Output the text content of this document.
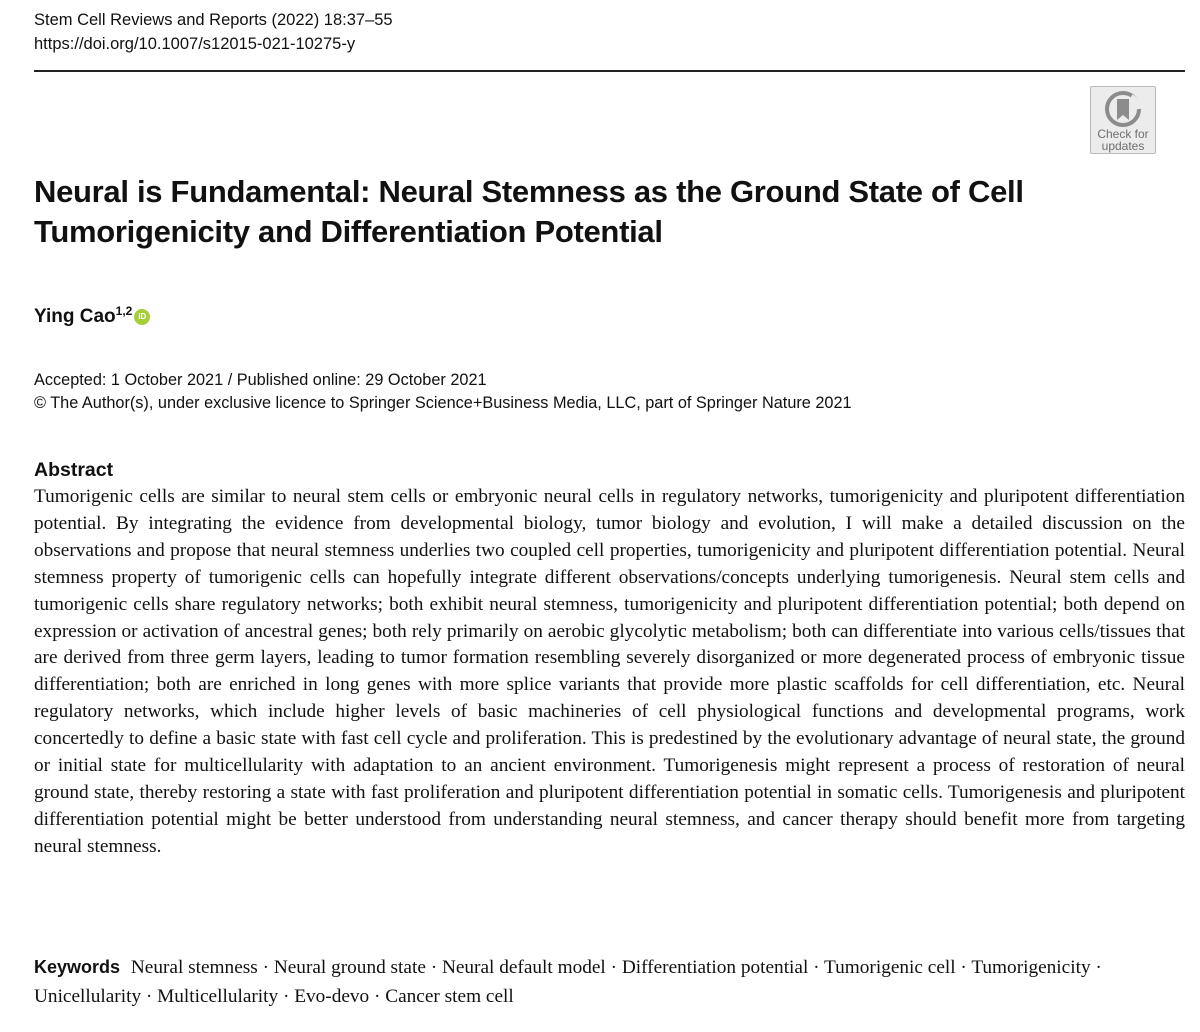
Stem Cell Reviews and Reports (2022) 18:37–55
https://doi.org/10.1007/s12015-021-10275-y
Check for
updates
Neural is Fundamental: Neural Stemness as the Ground State of Cell
Tumorigenicity and Differentiation Potential
Ying Cao$^{1,2}$ iD
Accepted: 1 October 2021 / Published online: 29 October 2021
© The Author(s), under exclusive licence to Springer Science+Business Media, LLC, part of Springer Nature 2021
Abstract

Tumorigenic cells are similar to neural stem cells or embryonic neural cells in regulatory networks, tumorigenicity and pluripotent differentiation potential. By integrating the evidence from developmental biology, tumor biology and evolution, I will make a detailed discussion on the observations and propose that neural stemness underlies two coupled cell properties, tumorigenicity and pluripotent differentiation potential. Neural stemness property of tumorigenic cells can hopefully integrate different observations/concepts underlying tumorigenesis. Neural stem cells and tumorigenic cells share regulatory networks; both exhibit neural stemness, tumorigenicity and pluripotent differentiation potential; both depend on expression or activation of ancestral genes; both rely primarily on aerobic glycolytic metabolism; both can differentiate into various cells/tissues that are derived from three germ layers, leading to tumor formation resembling severely disorganized or more degenerated process of embryonic tissue differentiation; both are enriched in long genes with more splice variants that provide more plastic scaffolds for cell differentiation, etc. Neural regulatory networks, which include higher levels of basic machineries of cell physiological functions and developmental programs, work concertedly to define a basic state with fast cell cycle and proliferation. This is predestined by the evolutionary advantage of neural state, the ground or initial state for multicellularity with adaptation to an ancient environment. Tumorigenesis might represent a process of restoration of neural ground state, thereby restoring a state with fast proliferation and pluripotent differentiation potential in somatic cells. Tumorigenesis and pluripotent differentiation potential might be better understood from understanding neural stemness, and cancer therapy should benefit more from targeting neural stemness.

Keywords Neural stemness · Neural ground state · Neural default model · Differentiation potential · Tumorigenic cell · Tumorigenicity · Unicellularity · Multicellularity · Evo-devo · Cancer stem cell
